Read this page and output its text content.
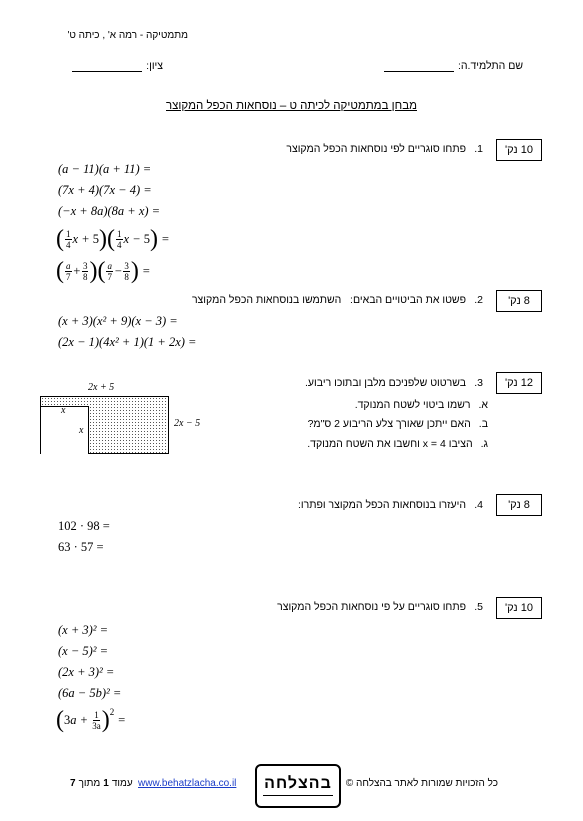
מתמטיקה - רמה א' , כיתה ט'
שם התלמיד.ה:
ציון:
מבחן במתמטיקה לכיתה ט – נוסחאות הכפל המקוצר
10 נק'
1.
פתחו סוגריים לפי נוסחאות הכפל המקוצר
(a − 11)(a + 11) =
(7x + 4)(7x − 4) =
(−x + 8a)(8a + x) =
( $\frac{1}{4}$ x + 5 ) ( $\frac{1}{4}$ x − 5 ) =
( $\frac{a}{7} + \frac{3}{8}$ ) ( $\frac{a}{7} - \frac{3}{8}$ ) =
8 נק'
2.
פשטו את הביטויים הבאים:   השתמשו בנוסחאות הכפל המקוצר
(x + 3)(x² + 9)(x − 3) =
(2x − 1)(4x² + 1)(1 + 2x) =
12 נק'
3.
בשרטוט שלפניכם מלבן ובתוכו ריבוע.
א.
רשמו ביטוי לשטח המנוקד.
ב.
האם ייתכן שאורך צלע הריבוע 2 ס"מ?
ג.
הציבו x = 4 וחשבו את השטח המנוקד.
2x + 5
2x − 5
x
x
8 נק'
4.
היעזרו בנוסחאות הכפל המקוצר ופתרו:
102 · 98 =
63 · 57 =
10 נק'
5.
פתחו סוגריים על פי נוסחאות הכפל המקוצר
(x + 3)² =
(x − 5)² =
(2x + 3)² =
(6a − 5b)² =
( 3 $a + \frac{1}{3a} )^2$
=
כל הזכויות שמורות לאתר בהצלחה ©
בהצלחה
www.behatzlacha.co.il
עמוד
1
מתוך
7
